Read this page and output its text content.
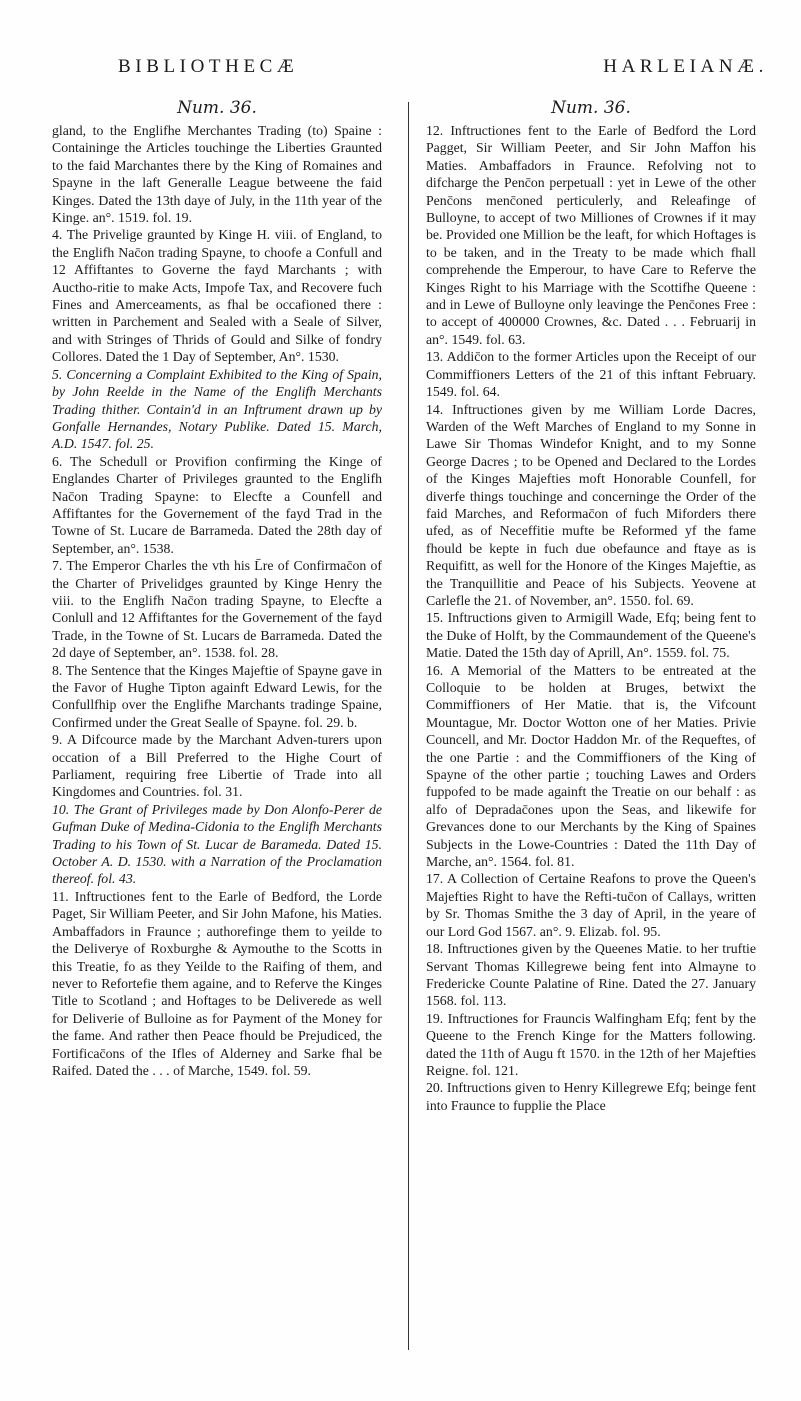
BIBLIOTHECÆ	HARLEIANÆ.

Num. 36.

gland, to the Englifhe Merchantes Trading (to) Spaine : Containinge the Articles touchinge the Liberties Graunted to the faid Marchantes there by the King of Romaines and Spayne in the laft Generalle League betweene the faid Kinges. Dated the 13th daye of July, in the 11th year of the Kinge. an°. 1519. fol. 19.

4. The Privelige graunted by Kinge H. viii. of England, to the Englifh Nac̄on trading Spayne, to choofe a Confull and 12 Affiftantes to Governe the fayd Marchants ; with Auctho-ritie to make Acts, Impofe Tax, and Recovere fuch Fines and Amerceaments, as fhal be occafioned there : written in Parchement and Sealed with a Seale of Silver, and with Stringes of Thrids of Gould and Silke of fondry Collores. Dated the 1 Day of September, An°. 1530.

5. Concerning a Complaint Exhibited to the King of Spain, by John Reelde in the Name of the Englifh Merchants Trading thither. Contain'd in an Inftrument drawn up by Gonfalle Hernandes, Notary Publike. Dated 15. March, A.D. 1547. fol. 25.

6. The Schedull or Provifion confirming the Kinge of Englandes Charter of Privileges graunted to the Englifh Nac̄on Trading Spayne: to Elecfte a Counfell and Affiftantes for the Governement of the fayd Trad in the Towne of St. Lucare de Barrameda. Dated the 28th day of September, an°. 1538.

7. The Emperor Charles the vth his L̄re of Confirmac̄on of the Charter of Privelidges graunted by Kinge Henry the viii. to the Englifh Nac̄on trading Spayne, to Elecfte a Conlull and 12 Affiftantes for the Governement of the fayd Trade, in the Towne of St. Lucars de Barrameda. Dated the 2d daye of September, an°. 1538. fol. 28.

8. The Sentence that the Kinges Majeftie of Spayne gave in the Favor of Hughe Tipton againft Edward Lewis, for the Confullfhip over the Englifhe Marchants tradinge Spaine, Confirmed under the Great Sealle of Spayne. fol. 29. b.

9. A Difcource made by the Marchant Adven-turers upon occation of a Bill Preferred to the Highe Court of Parliament, requiring free Libertie of Trade into all Kingdomes and Countries. fol. 31.

10. The Grant of Privileges made by Don Alonfo-Perer de Gufman Duke of Medina-Cidonia to the Englifh Merchants Trading to his Town of St. Lucar de Barameda. Dated 15. October A. D. 1530. with a Narration of the Proclamation thereof. fol. 43.

11. Inftructiones fent to the Earle of Bedford, the Lorde Paget, Sir William Peeter, and Sir John Mafone, his Maties. Ambaffadors in Fraunce ; authorefinge them to yeilde to the Deliverye of Roxburghe & Aymouthe to the Scotts in this Treatie, fo as they Yeilde to the Raifing of them, and never to Refortefie them againe, and to Referve the Kinges Title to Scotland ; and Hoftages to be Deliverede as well for Deliverie of Bulloine as for Payment of the Money for the fame. And rather then Peace fhould be Prejudiced, the Fortificac̄ons of the Ifles of Alderney and Sarke fhal be Raifed. Dated the . . . of Marche, 1549. fol. 59.

Num. 36.

12. Inftructiones fent to the Earle of Bedford the Lord Pagget, Sir William Peeter, and Sir John Maffon his Maties. Ambaffadors in Fraunce. Refolving not to difcharge the Penc̄on perpetuall : yet in Lewe of the other Penc̄ons menc̄oned perticulerly, and Releafinge of Bulloyne, to accept of two Milliones of Crownes if it may be. Provided one Million be the leaft, for which Hoftages is to be taken, and in the Treaty to be made which fhall comprehende the Emperour, to have Care to Referve the Kinges Right to his Marriage with the Scottifhe Queene : and in Lewe of Bulloyne only leavinge the Penc̄ones Free : to accept of 400000 Crownes, &c. Dated . . . Februarij in an°. 1549. fol. 63.

13. Addic̄on to the former Articles upon the Receipt of our Commiffioners Letters of the 21 of this inftant February. 1549. fol. 64.

14. Inftructiones given by me William Lorde Dacres, Warden of the Weft Marches of England to my Sonne in Lawe Sir Thomas Windefor Knight, and to my Sonne George Dacres ; to be Opened and Declared to the Lordes of the Kinges Majefties moft Honorable Counfell, for diverfe things touchinge and concerninge the Order of the faid Marches, and Reformac̄on of fuch Miforders there ufed, as of Neceffitie mufte be Reformed yf the fame fhould be kepte in fuch due obefaunce and ftaye as is Requifitt, as well for the Honore of the Kinges Majeftie, as the Tranquillitie and Peace of his Subjects. Yeovene at Carlefle the 21. of November, an°. 1550. fol. 69.

15. Inftructions given to Armigill Wade, Efq; being fent to the Duke of Holft, by the Commaundement of the Queene's Matie. Dated the 15th day of Aprill, An°. 1559. fol. 75.

16. A Memorial of the Matters to be entreated at the Colloquie to be holden at Bruges, betwixt the Commiffioners of Her Matie. that is, the Vifcount Mountague, Mr. Doctor Wotton one of her Maties. Privie Councell, and Mr. Doctor Haddon Mr. of the Requeftes, of the one Partie : and the Commiffioners of the King of Spayne of the other partie ; touching Lawes and Orders fuppofed to be made againft the Treatie on our behalf : as alfo of Depradac̄ones upon the Seas, and likewife for Grevances done to our Merchants by the King of Spaines Subjects in the Lowe-Countries : Dated the 11th Day of Marche, an°. 1564. fol. 81.

17. A Collection of Certaine Reafons to prove the Queen's Majefties Right to have the Refti-tuc̄on of Callays, written by Sr. Thomas Smithe the 3 day of April, in the yeare of our Lord God 1567. an°. 9. Elizab. fol. 95.

18. Inftructiones given by the Queenes Matie. to her truftie Servant Thomas Killegrewe being fent into Almayne to Fredericke Counte Palatine of Rine. Dated the 27. January 1568. fol. 113.

19. Inftructiones for Frauncis Walfingham Efq; fent by the Queene to the French Kinge for the Matters following. dated the 11th of Augu ft 1570. in the 12th of her Majefties Reigne. fol. 121.

20. Inftructions given to Henry Killegrewe Efq; beinge fent into Fraunce to fupplie the Place
